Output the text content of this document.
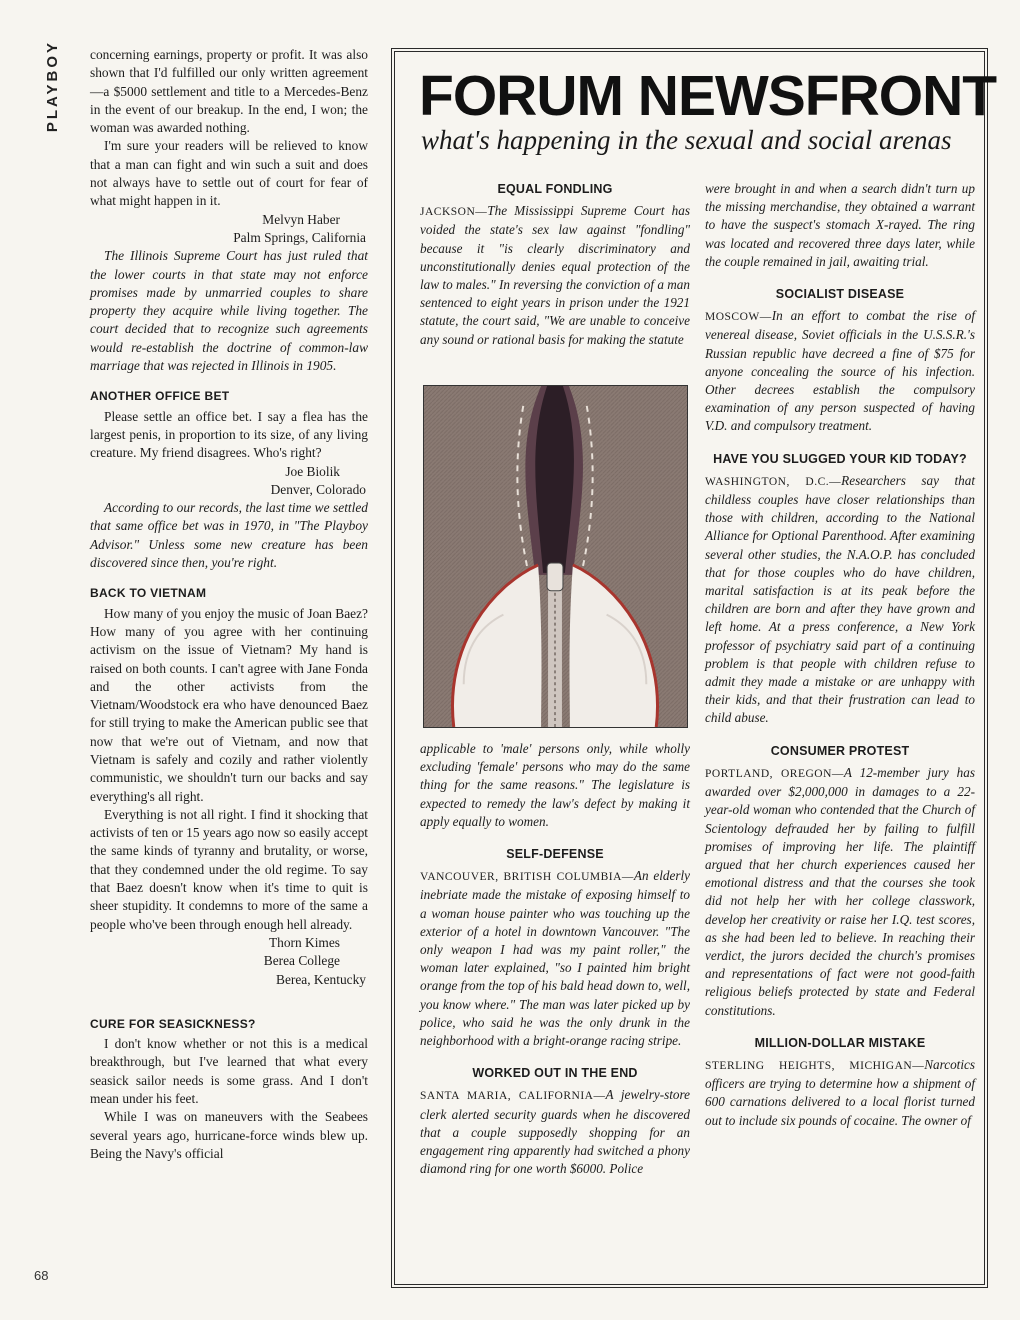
PLAYBOY concerning earnings, property or profit. It was also shown that I'd fulfilled our only written agreement—a $5000 settlement and title to a Mercedes-Benz in the event of our breakup. In the end, I won; the woman was awarded nothing.

I'm sure your readers will be relieved to know that a man can fight and win such a suit and does not always have to settle out of court for fear of what might happen in it.

Melvyn Haber

Palm Springs, California

The Illinois Supreme Court has just ruled that the lower courts in that state may not enforce promises made by unmarried couples to share property they acquire while living together. The court decided that to recognize such agreements would re-establish the doctrine of common-law marriage that was rejected in Illinois in 1905.

ANOTHER OFFICE BET

Please settle an office bet. I say a flea has the largest penis, in proportion to its size, of any living creature. My friend disagrees. Who's right?

Joe Biolik

Denver, Colorado

According to our records, the last time we settled that same office bet was in 1970, in "The Playboy Advisor." Unless some new creature has been discovered since then, you're right.

BACK TO VIETNAM

How many of you enjoy the music of Joan Baez? How many of you agree with her continuing activism on the issue of Vietnam? My hand is raised on both counts. I can't agree with Jane Fonda and the other activists from the Vietnam/Woodstock era who have denounced Baez for still trying to make the American public see that now that we're out of Vietnam, and now that Vietnam is safely and cozily and rather violently communistic, we shouldn't turn our backs and say everything's all right.

Everything is not all right. I find it shocking that activists of ten or 15 years ago now so easily accept the same kinds of tyranny and brutality, or worse, that they condemned under the old regime. To say that Baez doesn't know when it's time to quit is sheer stupidity. It condemns to more of the same a people who've been through enough hell already.

Thorn Kimes

Berea College

Berea, Kentucky

CURE FOR SEASICKNESS?

I don't know whether or not this is a medical breakthrough, but I've learned that what every seasick sailor needs is some grass. And I don't mean under his feet.

While I was on maneuvers with the Seabees several years ago, hurricane-force winds blew up. Being the Navy's official

68
FORUM NEWSFRONT
what's happening in the sexual and social arenas
EQUAL FONDLING

JACKSON—The Mississippi Supreme Court has voided the state's sex law against "fondling" because it "is clearly discriminatory and unconstitutionally denies equal protection of the law to males." In reversing the conviction of a man sentenced to eight years in prison under the 1921 statute, the court said, "We are unable to conceive any sound or rational basis for making the statute

applicable to 'male' persons only, while wholly excluding 'female' persons who may do the same thing for the same reasons." The legislature is expected to remedy the law's defect by making it apply equally to women.

SELF-DEFENSE

VANCOUVER, BRITISH COLUMBIA—An elderly inebriate made the mistake of exposing himself to a woman house painter who was touching up the exterior of a hotel in downtown Vancouver. "The only weapon I had was my paint roller," the woman later explained, "so I painted him bright orange from the top of his bald head down to, well, you know where." The man was later picked up by police, who said he was the only drunk in the neighborhood with a bright-orange racing stripe.

WORKED OUT IN THE END

SANTA MARIA, CALIFORNIA—A jewelry-store clerk alerted security guards when he discovered that a couple supposedly shopping for an engagement ring apparently had switched a phony diamond ring for one worth $6000. Police

were brought in and when a search didn't turn up the missing merchandise, they obtained a warrant to have the suspect's stomach X-rayed. The ring was located and recovered three days later, while the couple remained in jail, awaiting trial.

SOCIALIST DISEASE

MOSCOW—In an effort to combat the rise of venereal disease, Soviet officials in the U.S.S.R.'s Russian republic have decreed a fine of $75 for anyone concealing the source of his infection. Other decrees establish the compulsory examination of any person suspected of having V.D. and compulsory treatment.

HAVE YOU SLUGGED YOUR KID TODAY?

WASHINGTON, D.C.—Researchers say that childless couples have closer relationships than those with children, according to the National Alliance for Optional Parenthood. After examining several other studies, the N.A.O.P. has concluded that for those couples who do have children, marital satisfaction is at its peak before the children are born and after they have grown and left home. At a press conference, a New York professor of psychiatry said part of a continuing problem is that people with children refuse to admit they made a mistake or are unhappy with their kids, and that their frustration can lead to child abuse.

CONSUMER PROTEST

PORTLAND, OREGON—A 12-member jury has awarded over $2,000,000 in damages to a 22-year-old woman who contended that the Church of Scientology defrauded her by failing to fulfill promises of improving her life. The plaintiff argued that her church experiences caused her emotional distress and that the courses she took did not help her with her college classwork, develop her creativity or raise her I.Q. test scores, as she had been led to believe. In reaching their verdict, the jurors decided the church's promises and representations of fact were not good-faith religious beliefs protected by state and Federal constitutions.

MILLION-DOLLAR MISTAKE

STERLING HEIGHTS, MICHIGAN—Narcotics officers are trying to determine how a shipment of 600 carnations delivered to a local florist turned out to include six pounds of cocaine. The owner of
